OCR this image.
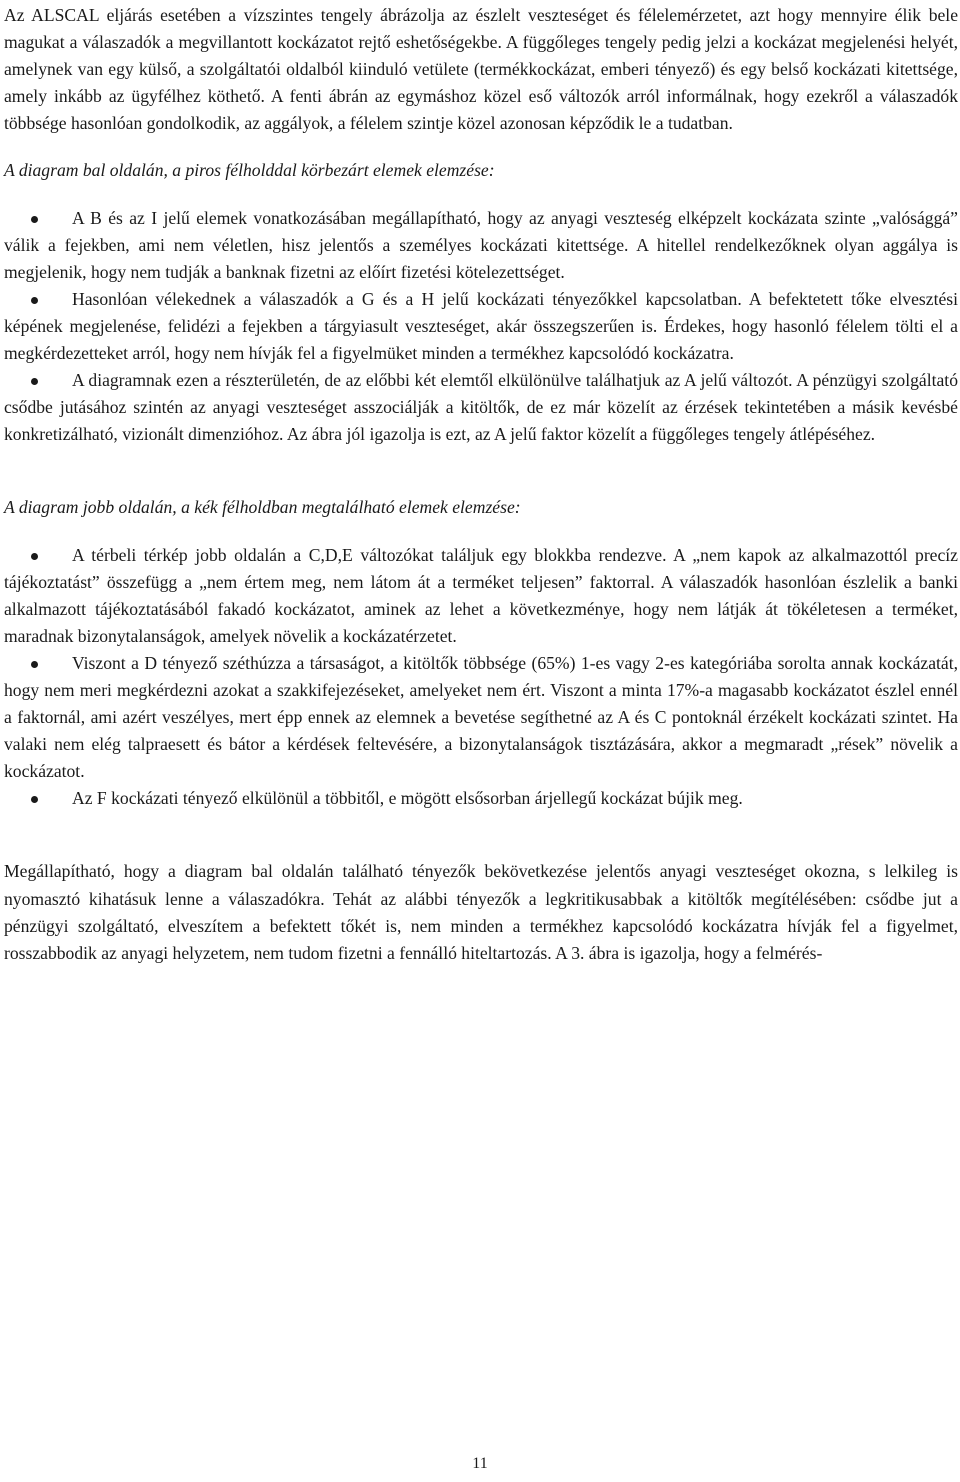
Az ALSCAL eljárás esetében a vízszintes tengely ábrázolja az észlelt veszteséget és félelemérzetet, azt hogy mennyire élik bele magukat a válaszadók a megvillantott kockázatot rejtő eshetőségekbe. A függőleges tengely pedig jelzi a kockázat megjelenési helyét, amelynek van egy külső, a szolgáltatói oldalból kiinduló vetülete (termékkockázat, emberi tényező) és egy belső kockázati kitettsége, amely inkább az ügyfélhez köthető. A fenti ábrán az egymáshoz közel eső változók arról informálnak, hogy ezekről a válaszadók többsége hasonlóan gondolkodik, az aggályok, a félelem szintje közel azonosan képződik le a tudatban.

A diagram bal oldalán, a piros félholddal körbezárt elemek elemzése:

A B és az I jelű elemek vonatkozásában megállapítható, hogy az anyagi veszteség elképzelt kockázata szinte „valósággá” válik a fejekben, ami nem véletlen, hisz jelentős a személyes kockázati kitettsége. A hitellel rendelkezőknek olyan aggálya is megjelenik, hogy nem tudják a banknak fizetni az előírt fizetési kötelezettséget.
Hasonlóan vélekednek a válaszadók a G és a H jelű kockázati tényezőkkel kapcsolatban. A befektetett tőke elvesztési képének megjelenése, felidézi a fejekben a tárgyiasult veszteséget, akár összegszerűen is. Érdekes, hogy hasonló félelem tölti el a megkérdezetteket arról, hogy nem hívják fel a figyelmüket minden a termékhez kapcsolódó kockázatra.
A diagramnak ezen a részterületén, de az előbbi két elemtől elkülönülve találhatjuk az A jelű változót. A pénzügyi szolgáltató csődbe jutásához szintén az anyagi veszteséget asszociálják a kitöltők, de ez már közelít az érzések tekintetében a másik kevésbé konkretizálható, vizionált dimenzióhoz. Az ábra jól igazolja is ezt, az A jelű faktor közelít a függőleges tengely átlépéséhez.

A diagram jobb oldalán, a kék félholdban megtalálható elemek elemzése:

A térbeli térkép jobb oldalán a C,D,E változókat találjuk egy blokkba rendezve. A „nem kapok az alkalmazottól precíz tájékoztatást” összefügg a „nem értem meg, nem látom át a terméket teljesen” faktorral. A válaszadók hasonlóan észlelik a banki alkalmazott tájékoztatásából fakadó kockázatot, aminek az lehet a következménye, hogy nem látják át tökéletesen a terméket, maradnak bizonytalanságok, amelyek növelik a kockázatérzetet.
Viszont a D tényező széthúzza a társaságot, a kitöltők többsége (65%) 1-es vagy 2-es kategóriába sorolta annak kockázatát, hogy nem meri megkérdezni azokat a szakkifejezéseket, amelyeket nem ért. Viszont a minta 17%-a magasabb kockázatot észlel ennél a faktornál, ami azért veszélyes, mert épp ennek az elemnek a bevetése segíthetné az A és C pontoknál érzékelt kockázati szintet. Ha valaki nem elég talpraesett és bátor a kérdések feltevésére, a bizonytalanságok tisztázására, akkor a megmaradt „rések” növelik a kockázatot.
Az F kockázati tényező elkülönül a többitől, e mögött elsősorban árjellegű kockázat bújik meg.

Megállapítható, hogy a diagram bal oldalán található tényezők bekövetkezése jelentős anyagi veszteséget okozna, s lelkileg is nyomasztó kihatásuk lenne a válaszadókra. Tehát az alábbi tényezők a legkritikusabbak a kitöltők megítélésében: csődbe jut a pénzügyi szolgáltató, elveszítem a befektett tőkét is, nem minden a termékhez kapcsolódó kockázatra hívják fel a figyelmet, rosszabbodik az anyagi helyzetem, nem tudom fizetni a fennálló hiteltartozás. A 3. ábra is igazolja, hogy a felmérés-

11
